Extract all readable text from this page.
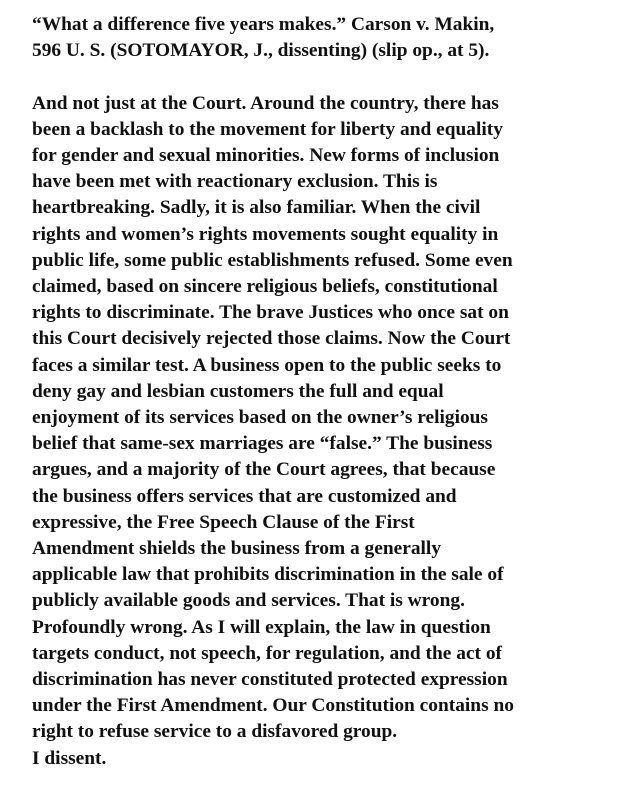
“What a difference five years makes.” Carson v. Makin,
596 U. S. (SOTOMAYOR, J., dissenting) (slip op., at 5).
And not just at the Court. Around the country, there has
been a backlash to the movement for liberty and equality
for gender and sexual minorities. New forms of inclusion
have been met with reactionary exclusion. This is
heartbreaking. Sadly, it is also familiar. When the civil
rights and women’s rights movements sought equality in
public life, some public establishments refused. Some even
claimed, based on sincere religious beliefs, constitutional
rights to discriminate. The brave Justices who once sat on
this Court decisively rejected those claims. Now the Court
faces a similar test. A business open to the public seeks to
deny gay and lesbian customers the full and equal
enjoyment of its services based on the owner’s religious
belief that same-sex marriages are “false.” The business
argues, and a majority of the Court agrees, that because
the business offers services that are customized and
expressive, the Free Speech Clause of the First
Amendment shields the business from a generally
applicable law that prohibits discrimination in the sale of
publicly available goods and services. That is wrong.
Profoundly wrong. As I will explain, the law in question
targets conduct, not speech, for regulation, and the act of
discrimination has never constituted protected expression
under the First Amendment. Our Constitution contains no
right to refuse service to a disfavored group.
I dissent.
